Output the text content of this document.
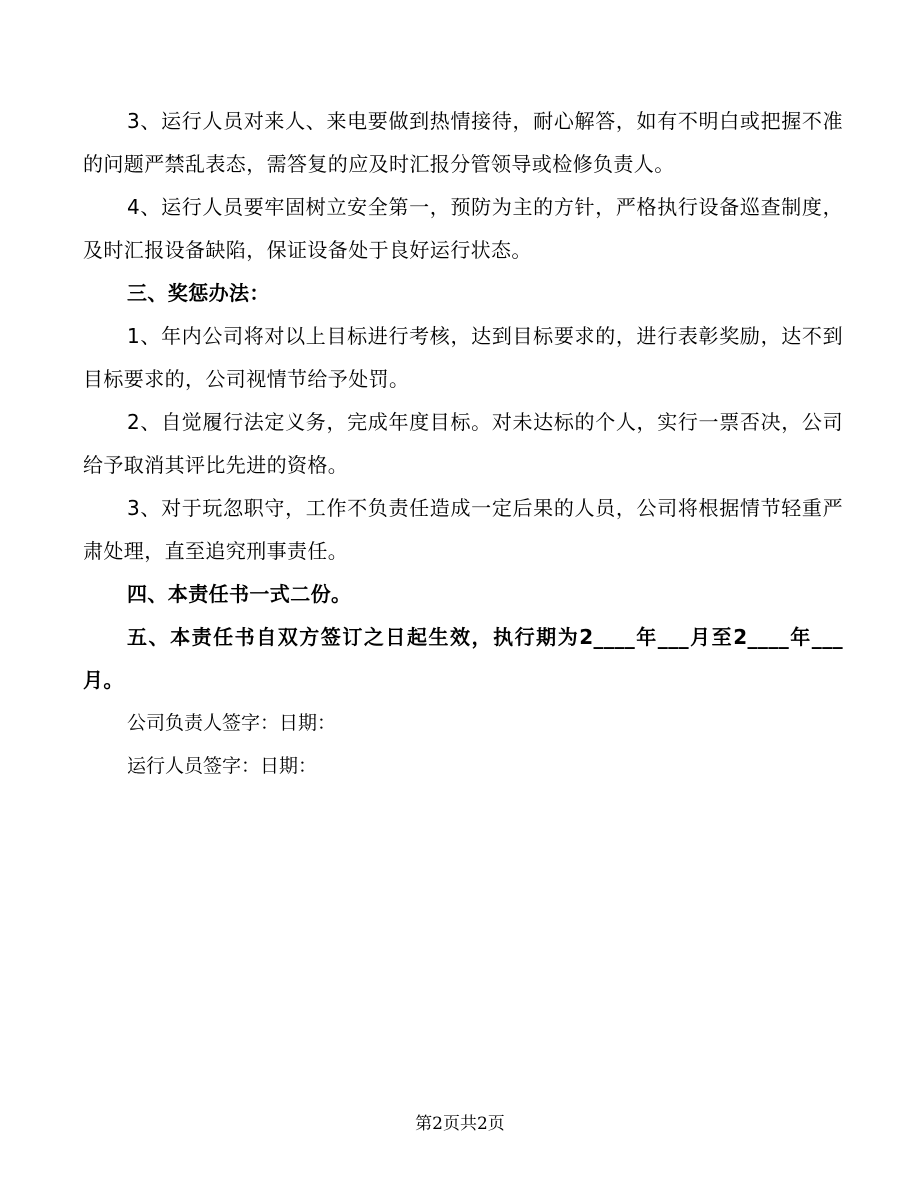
3、运行人员对来人、来电要做到热情接待，耐心解答，如有不明白或把握不准的问题严禁乱表态，需答复的应及时汇报分管领导或检修负责人。

4、运行人员要牢固树立安全第一，预防为主的方针，严格执行设备巡查制度，及时汇报设备缺陷，保证设备处于良好运行状态。

三、奖惩办法：

1、年内公司将对以上目标进行考核，达到目标要求的，进行表彰奖励，达不到目标要求的，公司视情节给予处罚。

2、自觉履行法定义务，完成年度目标。对未达标的个人，实行一票否决，公司给予取消其评比先进的资格。

3、对于玩忽职守，工作不负责任造成一定后果的人员，公司将根据情节轻重严肃处理，直至追究刑事责任。

四、本责任书一式二份。

五、本责任书自双方签订之日起生效，执行期为2____年___月至2____年___月。

公司负责人签字：日期：

运行人员签字：日期：

第2页共2页
